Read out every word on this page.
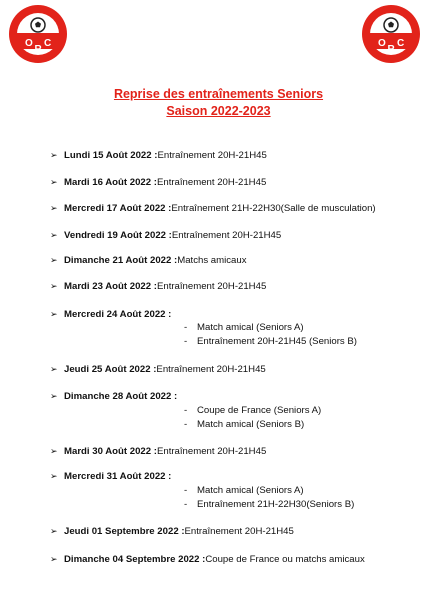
O
R
C	O
R
C
Reprise des entraînements Seniors
Saison 2022-2023
➢ Lundi 15 Août 2022 : Entraînement 20H-21H45
➢ Mardi 16 Août 2022 : Entraînement 20H-21H45
➢ Mercredi 17 Août 2022 : Entraînement 21H-22H30(Salle de musculation)
➢ Vendredi 19 Août 2022 : Entraînement 20H-21H45
➢ Dimanche 21 Août 2022 : Matchs amicaux
➢ Mardi 23 Août 2022 : Entraînement 20H-21H45
➢ Mercredi 24 Août 2022 :
- Match amical (Seniors A)
- Entraînement 20H-21H45 (Seniors B)
➢ Jeudi 25 Août 2022 : Entraînement 20H-21H45
➢ Dimanche 28 Août 2022 :
- Coupe de France (Seniors A)
- Match amical (Seniors B)
➢ Mardi 30 Août 2022 : Entraînement 20H-21H45
➢ Mercredi 31 Août 2022 :
- Match amical (Seniors A)
- Entraînement 21H-22H30(Seniors B)
➢ Jeudi 01 Septembre 2022 : Entraînement 20H-21H45
➢ Dimanche 04 Septembre 2022 : Coupe de France ou matchs amicaux
